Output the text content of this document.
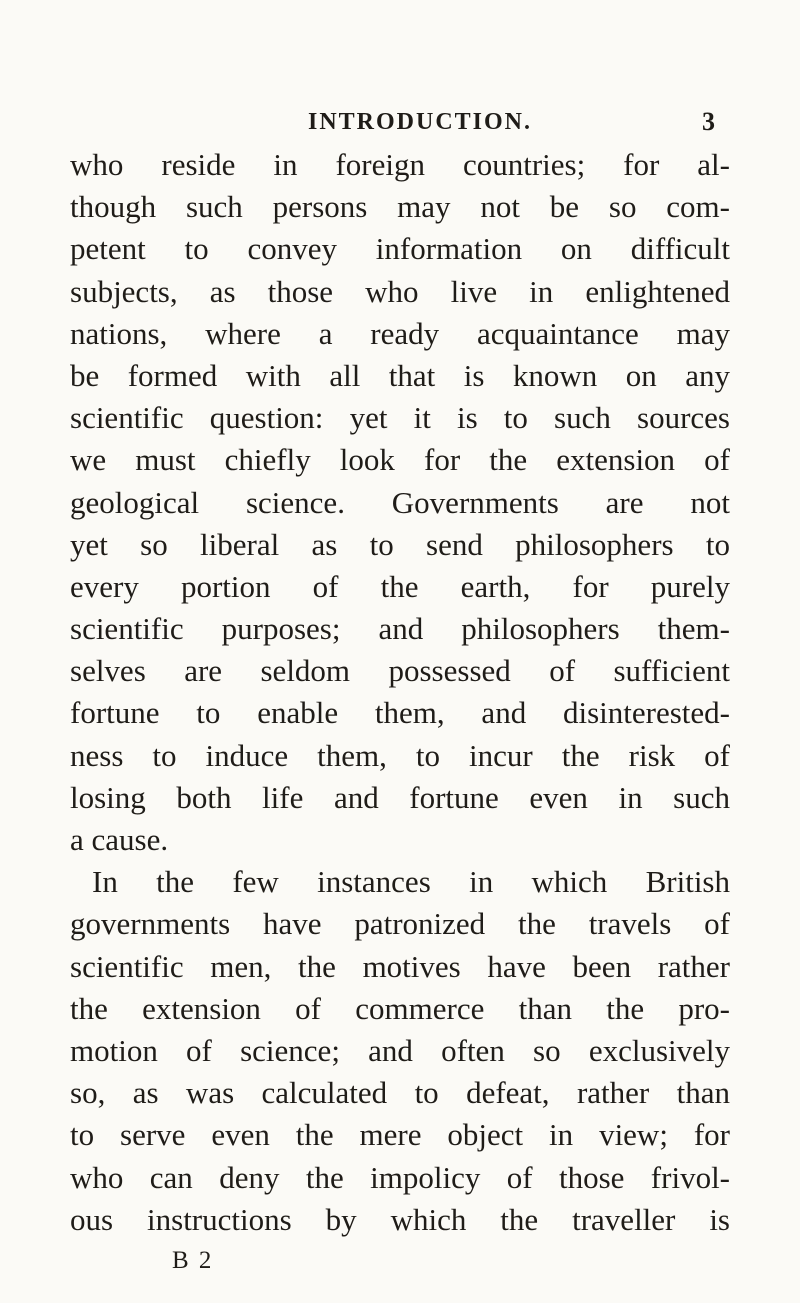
INTRODUCTION.	3
who reside in foreign countries; for al-
though such persons may not be so com-
petent to convey information on difficult
subjects, as those who live in enlightened
nations, where a ready acquaintance may
be formed with all that is known on any
scientific question: yet it is to such sources
we must chiefly look for the extension of
geological science. Governments are not
yet so liberal as to send philosophers to
every portion of the earth, for purely
scientific purposes; and philosophers them-
selves are seldom possessed of sufficient
fortune to enable them, and disinterested-
ness to induce them, to incur the risk of
losing both life and fortune even in such
a cause.
In the few instances in which British
governments have patronized the travels of
scientific men, the motives have been rather
the extension of commerce than the pro-
motion of science; and often so exclusively
so, as was calculated to defeat, rather than
to serve even the mere object in view; for
who can deny the impolicy of those frivol-
ous instructions by which the traveller is
B 2
